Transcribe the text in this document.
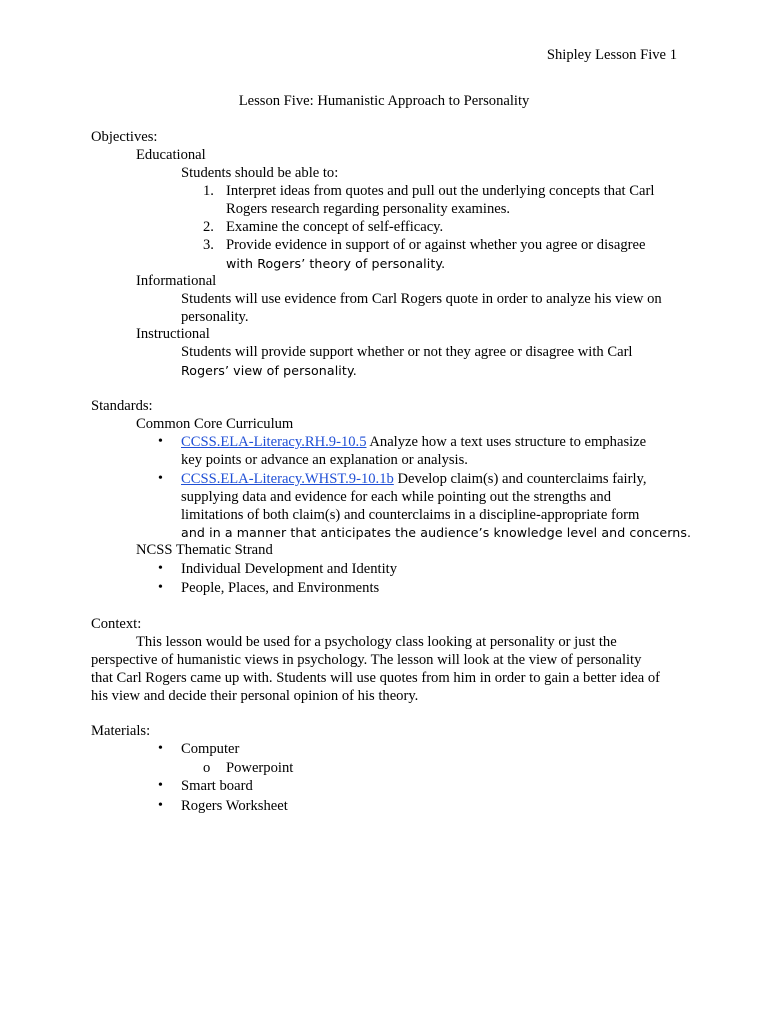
Shipley Lesson Five 1
Lesson Five: Humanistic Approach to Personality
Objectives:
Educational
Students should be able to:
1. Interpret ideas from quotes and pull out the underlying concepts that Carl
Rogers research regarding personality examines.
2. Examine the concept of self-efficacy.
3. Provide evidence in support of or against whether you agree or disagree
with Rogers’ theory of personality.
Informational
Students will use evidence from Carl Rogers quote in order to analyze his view on
personality.
Instructional
Students will provide support whether or not they agree or disagree with Carl
Rogers’ view of personality.
Standards:
Common Core Curriculum
• CCSS.ELA-Literacy.RH.9-10.5 Analyze how a text uses structure to emphasize
key points or advance an explanation or analysis.
• CCSS.ELA-Literacy.WHST.9-10.1b Develop claim(s) and counterclaims fairly,
supplying data and evidence for each while pointing out the strengths and
limitations of both claim(s) and counterclaims in a discipline-appropriate form
and in a manner that anticipates the audience’s knowledge level and concerns.
NCSS Thematic Strand
• Individual Development and Identity
• People, Places, and Environments
Context:
This lesson would be used for a psychology class looking at personality or just the
perspective of humanistic views in psychology. The lesson will look at the view of personality
that Carl Rogers came up with. Students will use quotes from him in order to gain a better idea of
his view and decide their personal opinion of his theory.
Materials:
• Computer
o Powerpoint
• Smart board
• Rogers Worksheet
